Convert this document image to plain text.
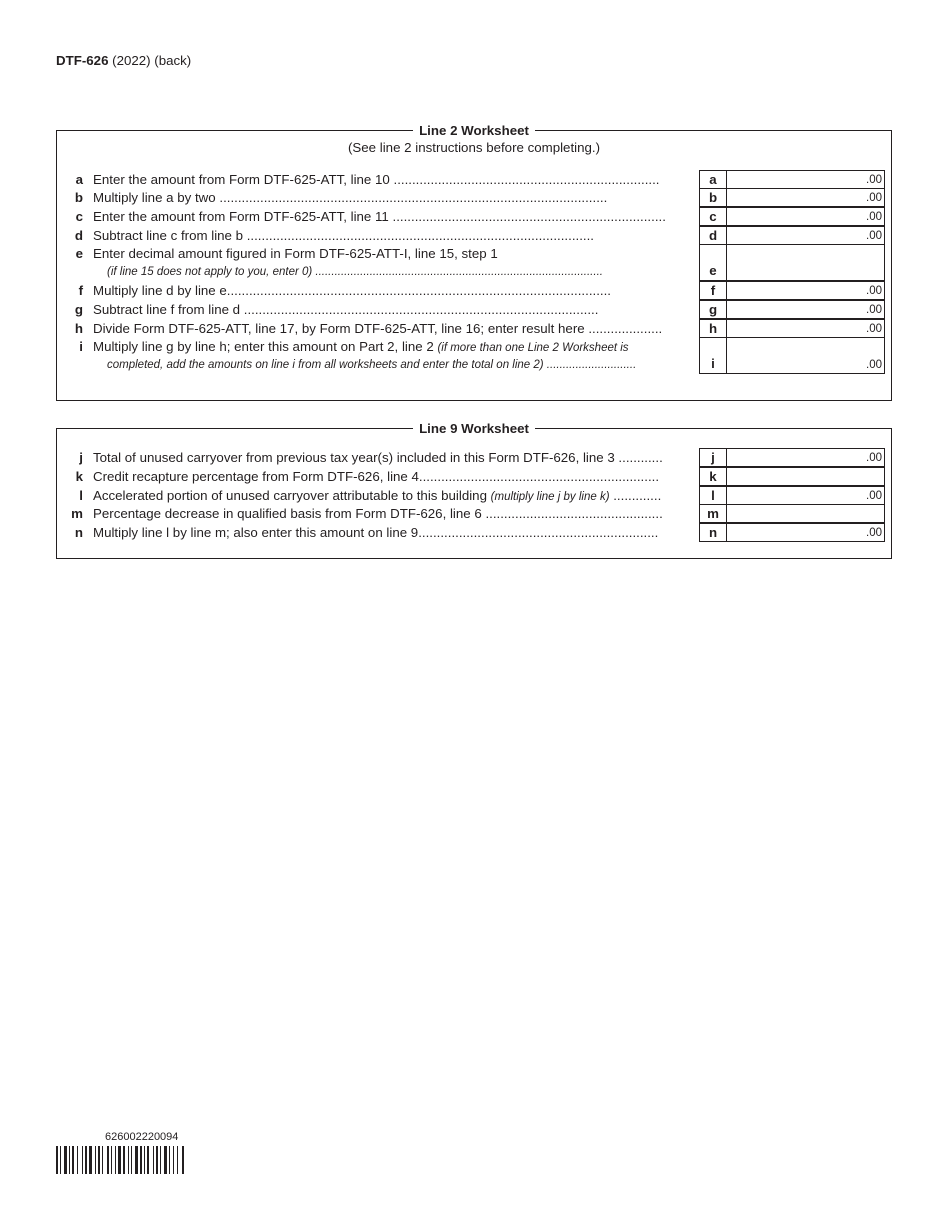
DTF-626 (2022) (back)
Line 2 Worksheet
(See line 2 instructions before completing.)
a Enter the amount from Form DTF-625-ATT, line 10 ........................................................................	a	.00
b Multiply line a by two .........................................................................................................	b	.00
c Enter the amount from Form DTF-625-ATT, line 11 ..........................................................................	c	.00
d Subtract line c from line b ..............................................................................................	d	.00
e Enter decimal amount figured in Form DTF-625-ATT-I, line 15, step 1
(if line 15 does not apply to you, enter 0) ..........................................................................................	e
f Multiply line d by line e........................................................................................................	f	.00
g Subtract line f from line d ................................................................................................	g	.00
h Divide Form DTF-625-ATT, line 17, by Form DTF-625-ATT, line 16; enter result here ....................	h	.00
i Multiply line g by line h; enter this amount on Part 2, line 2 (if more than one Line 2 Worksheet is
completed, add the amounts on line i from all worksheets and enter the total on line 2) ............................	i	.00
Line 9 Worksheet
j Total of unused carryover from previous tax year(s) included in this Form DTF-626, line 3 ............	j	.00
k Credit recapture percentage from Form DTF-626, line 4.................................................................	k
l Accelerated portion of unused carryover attributable to this building (multiply line j by line k) .............	l	.00
m Percentage decrease in qualified basis from Form DTF-626, line 6 ................................................	m
n Multiply line l by line m; also enter this amount on line 9.................................................................	n	.00
626002220094
